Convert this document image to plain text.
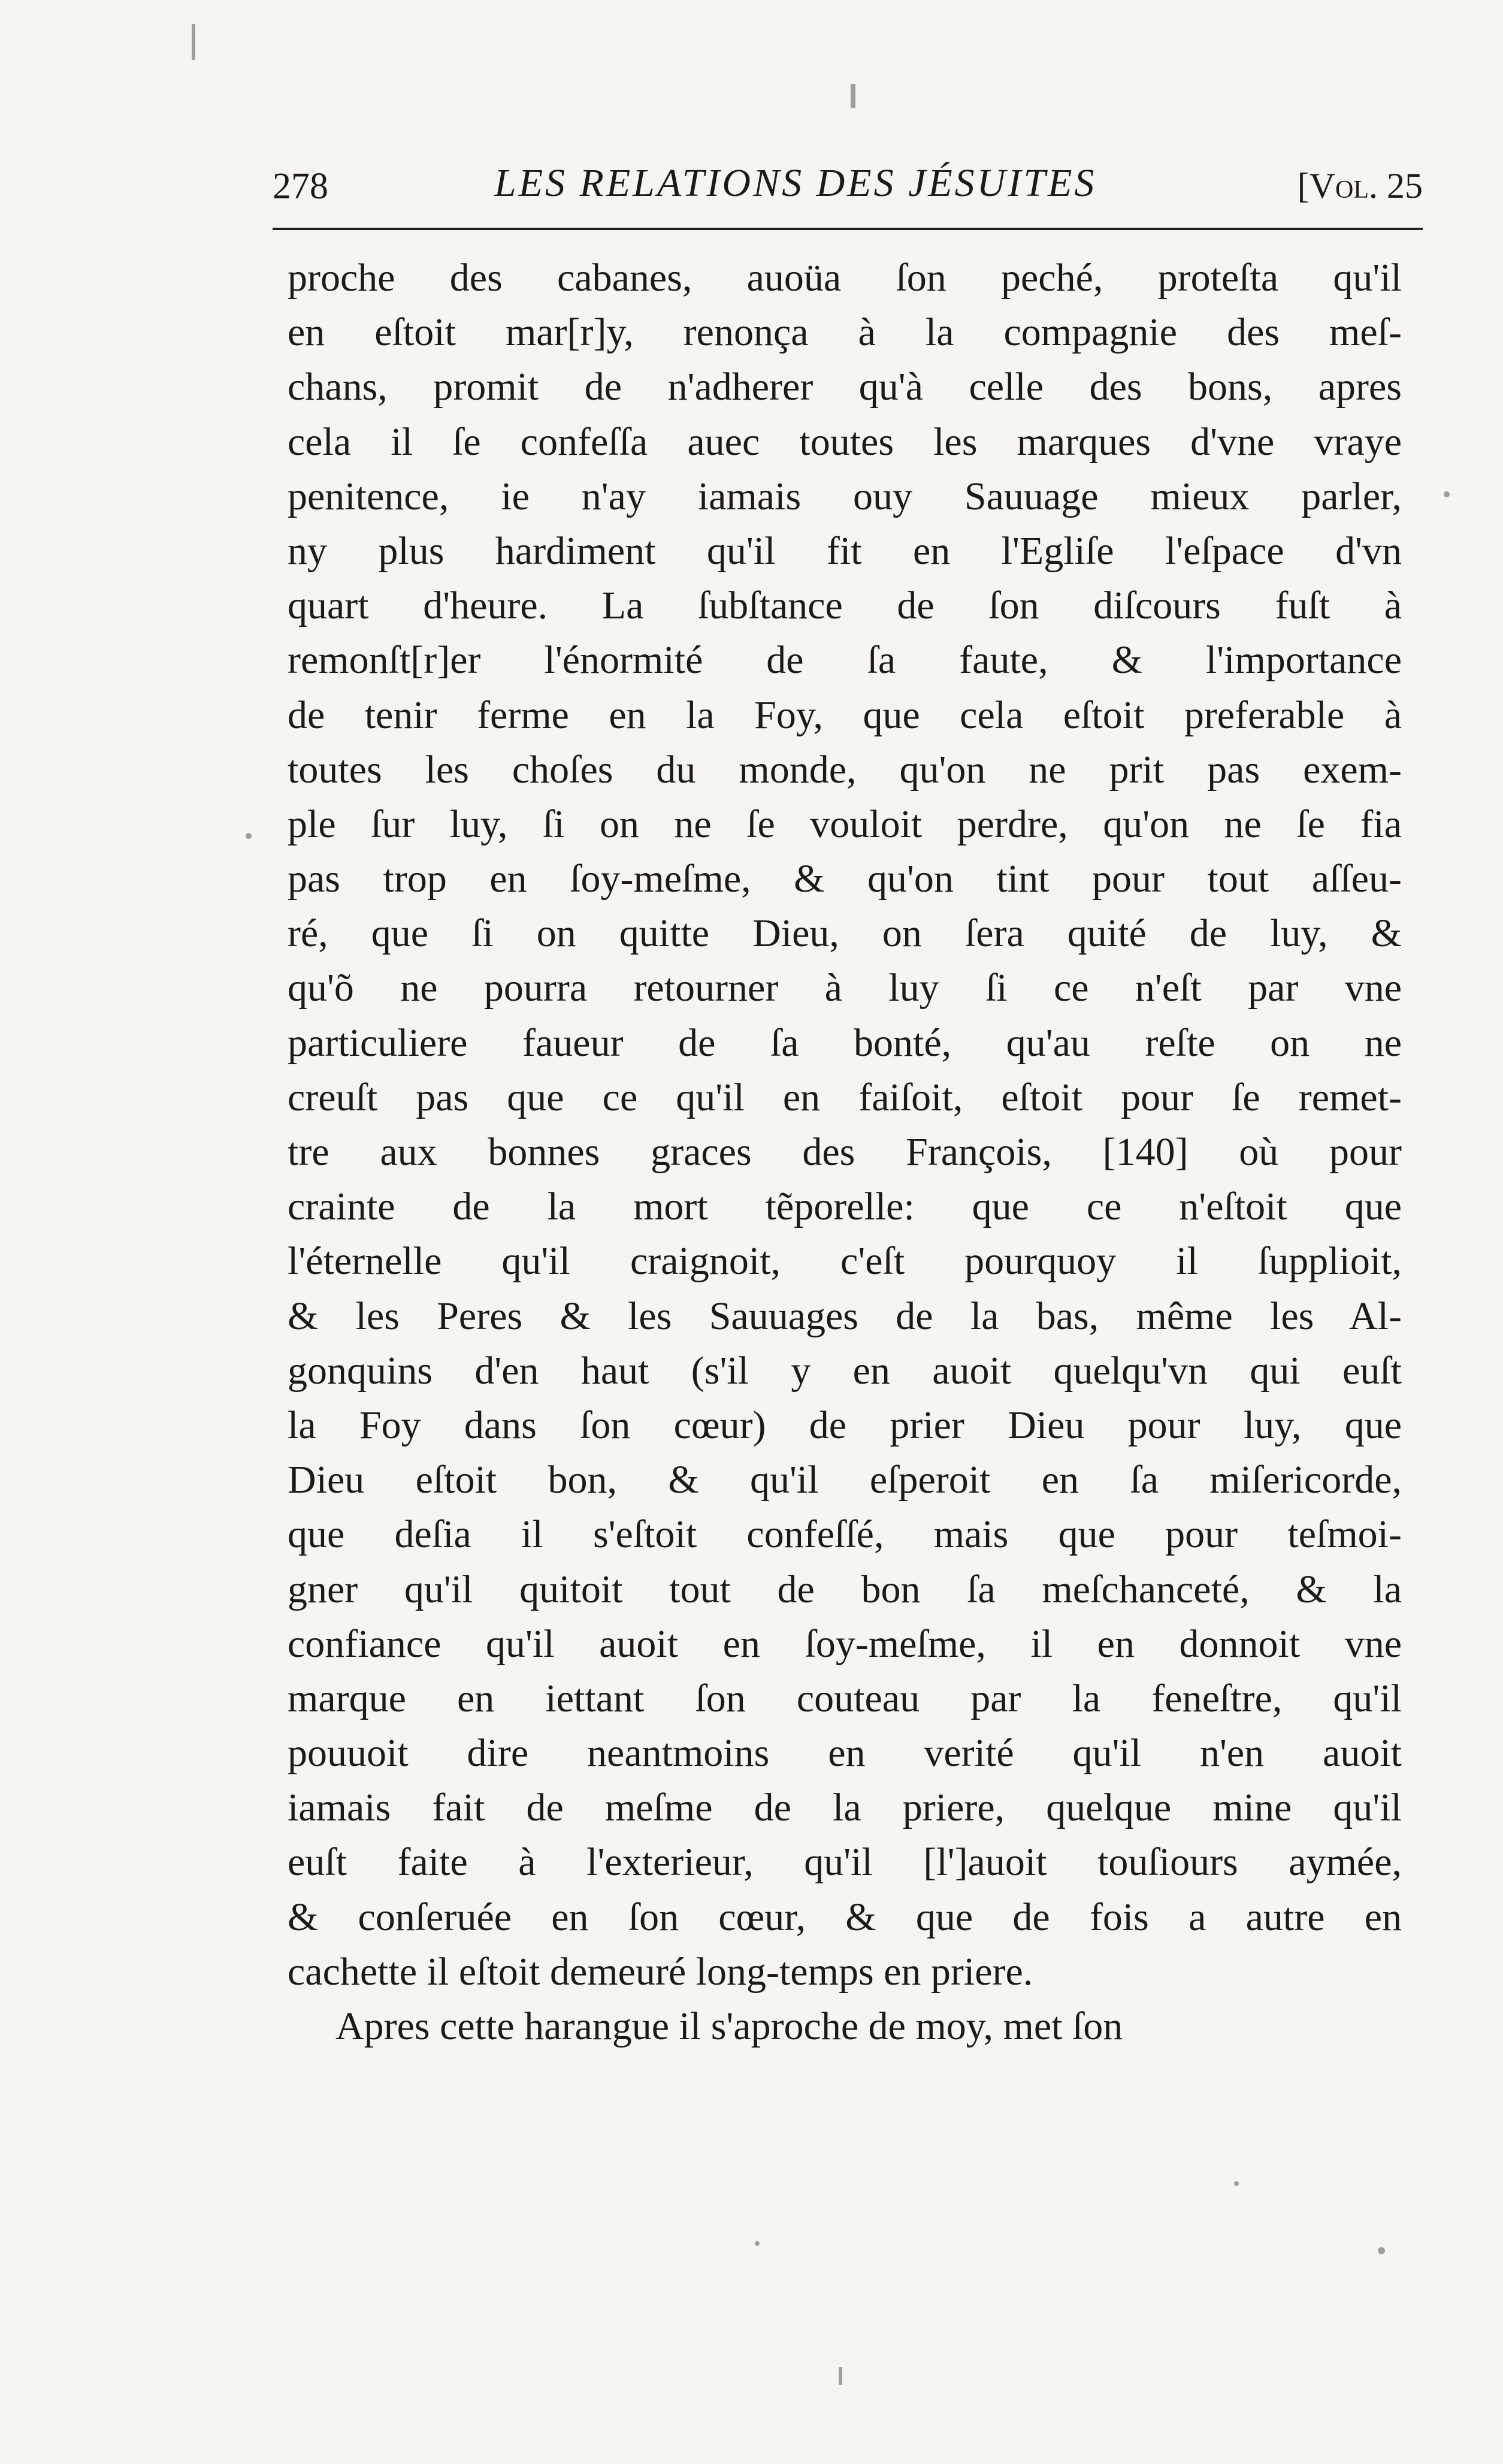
278	LES RELATIONS DES JÉSUITES	[Vol. 25
proche des cabanes, auoüa ſon peché, proteſta qu'il
en eſtoit mar[r]y, renonça à la compagnie des meſ-
chans, promit de n'adherer qu'à celle des bons, apres
cela il ſe confeſſa auec toutes les marques d'vne vraye
penitence, ie n'ay iamais ouy Sauuage mieux parler,
ny plus hardiment qu'il fit en l'Egliſe l'eſpace d'vn
quart d'heure. La ſubſtance de ſon diſcours fuſt à
remonſt[r]er l'énormité de ſa faute, & l'importance
de tenir ferme en la Foy, que cela eſtoit preferable à
toutes les choſes du monde, qu'on ne prit pas exem-
ple ſur luy, ſi on ne ſe vouloit perdre, qu'on ne ſe fia
pas trop en ſoy-meſme, & qu'on tint pour tout aſſeu-
ré, que ſi on quitte Dieu, on ſera quité de luy, &
qu'õ ne pourra retourner à luy ſi ce n'eſt par vne
particuliere faueur de ſa bonté, qu'au reſte on ne
creuſt pas que ce qu'il en faiſoit, eſtoit pour ſe remet-
tre aux bonnes graces des François, [140] où pour
crainte de la mort tẽporelle: que ce n'eſtoit que
l'éternelle qu'il craignoit, c'eſt pourquoy il ſupplioit,
& les Peres & les Sauuages de la bas, même les Al-
gonquins d'en haut (s'il y en auoit quelqu'vn qui euſt
la Foy dans ſon cœur) de prier Dieu pour luy, que
Dieu eſtoit bon, & qu'il eſperoit en ſa miſericorde,
que deſia il s'eſtoit confeſſé, mais que pour teſmoi-
gner qu'il quitoit tout de bon ſa meſchanceté, & la
confiance qu'il auoit en ſoy-meſme, il en donnoit vne
marque en iettant ſon couteau par la feneſtre, qu'il
pouuoit dire neantmoins en verité qu'il n'en auoit
iamais fait de meſme de la priere, quelque mine qu'il
euſt faite à l'exterieur, qu'il [l']auoit touſiours aymée,
& conſeruée en ſon cœur, & que de fois a autre en
cachette il eſtoit demeuré long-temps en priere.
Apres cette harangue il s'aproche de moy, met ſon
